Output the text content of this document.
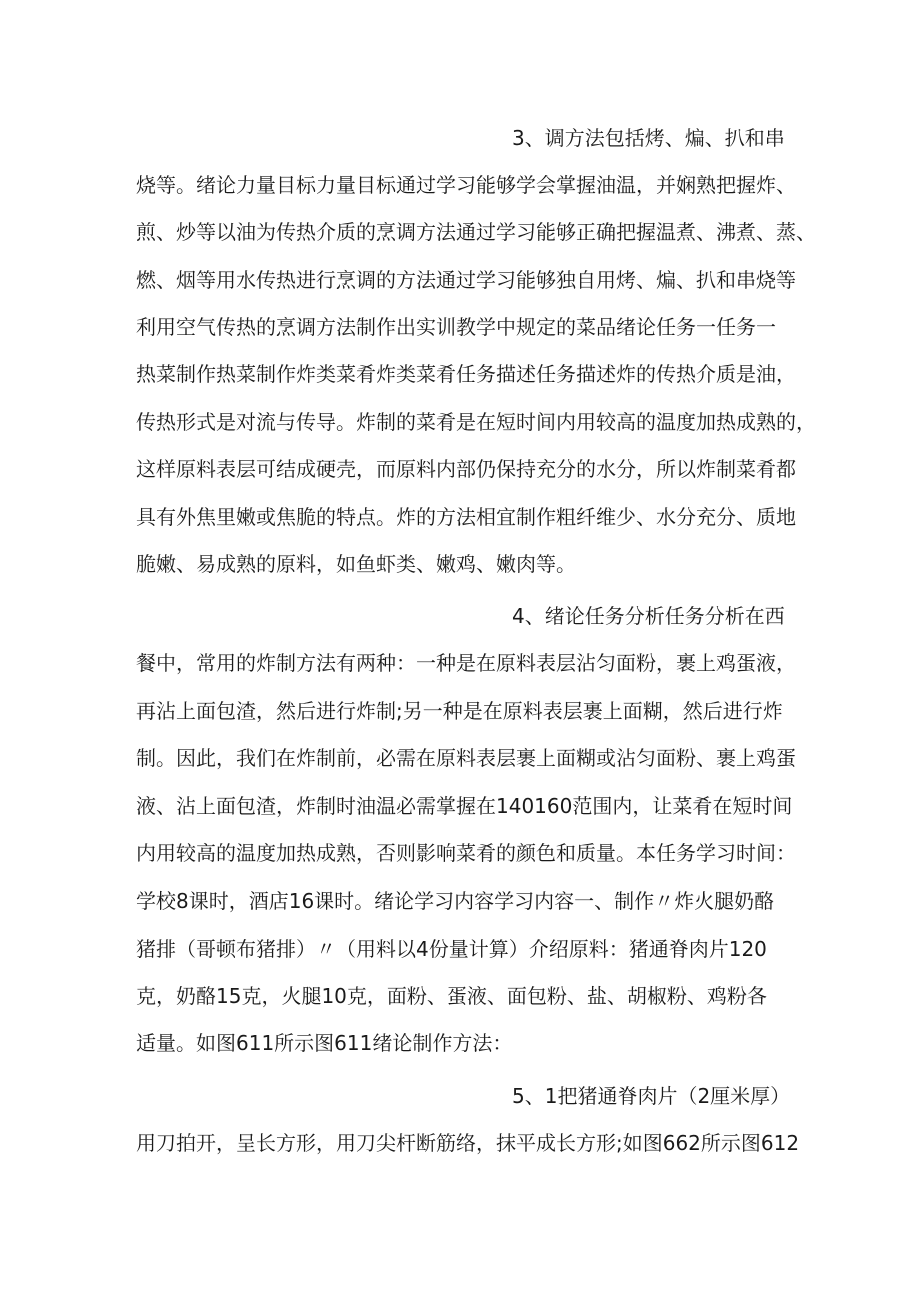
3、调方法包括烤、煸、扒和串
烧等。绪论力量目标力量目标通过学习能够学会掌握油温，并娴熟把握炸、
煎、炒等以油为传热介质的烹调方法通过学习能够正确把握温煮、沸煮、蒸、
燃、烟等用水传热进行烹调的方法通过学习能够独自用烤、煸、扒和串烧等
利用空气传热的烹调方法制作出实训教学中规定的菜品绪论任务一任务一
热菜制作热菜制作炸类菜肴炸类菜肴任务描述任务描述炸的传热介质是油，
传热形式是对流与传导。炸制的菜肴是在短时间内用较高的温度加热成熟的，
这样原料表层可结成硬壳，而原料内部仍保持充分的水分，所以炸制菜肴都
具有外焦里嫩或焦脆的特点。炸的方法相宜制作粗纤维少、水分充分、质地
脆嫩、易成熟的原料，如鱼虾类、嫩鸡、嫩肉等。
4、绪论任务分析任务分析在西
餐中，常用的炸制方法有两种：一种是在原料表层沾匀面粉，裹上鸡蛋液，
再沾上面包渣，然后进行炸制;另一种是在原料表层裹上面糊，然后进行炸
制。因此，我们在炸制前，必需在原料表层裹上面糊或沾匀面粉、裹上鸡蛋
液、沾上面包渣，炸制时油温必需掌握在140160范围内，让菜肴在短时间
内用较高的温度加热成熟，否则影响菜肴的颜色和质量。本任务学习时间：
学校8课时，酒店16课时。绪论学习内容学习内容一、制作〃炸火腿奶酪
猪排（哥顿布猪排）〃（用料以4份量计算）介绍原料：猪通脊肉片120
克，奶酪15克，火腿10克，面粉、蛋液、面包粉、盐、胡椒粉、鸡粉各
适量。如图611所示图611绪论制作方法：
5、1把猪通脊肉片（2厘米厚）
用刀拍开，呈长方形，用刀尖杆断筋络，抹平成长方形;如图662所示图612
